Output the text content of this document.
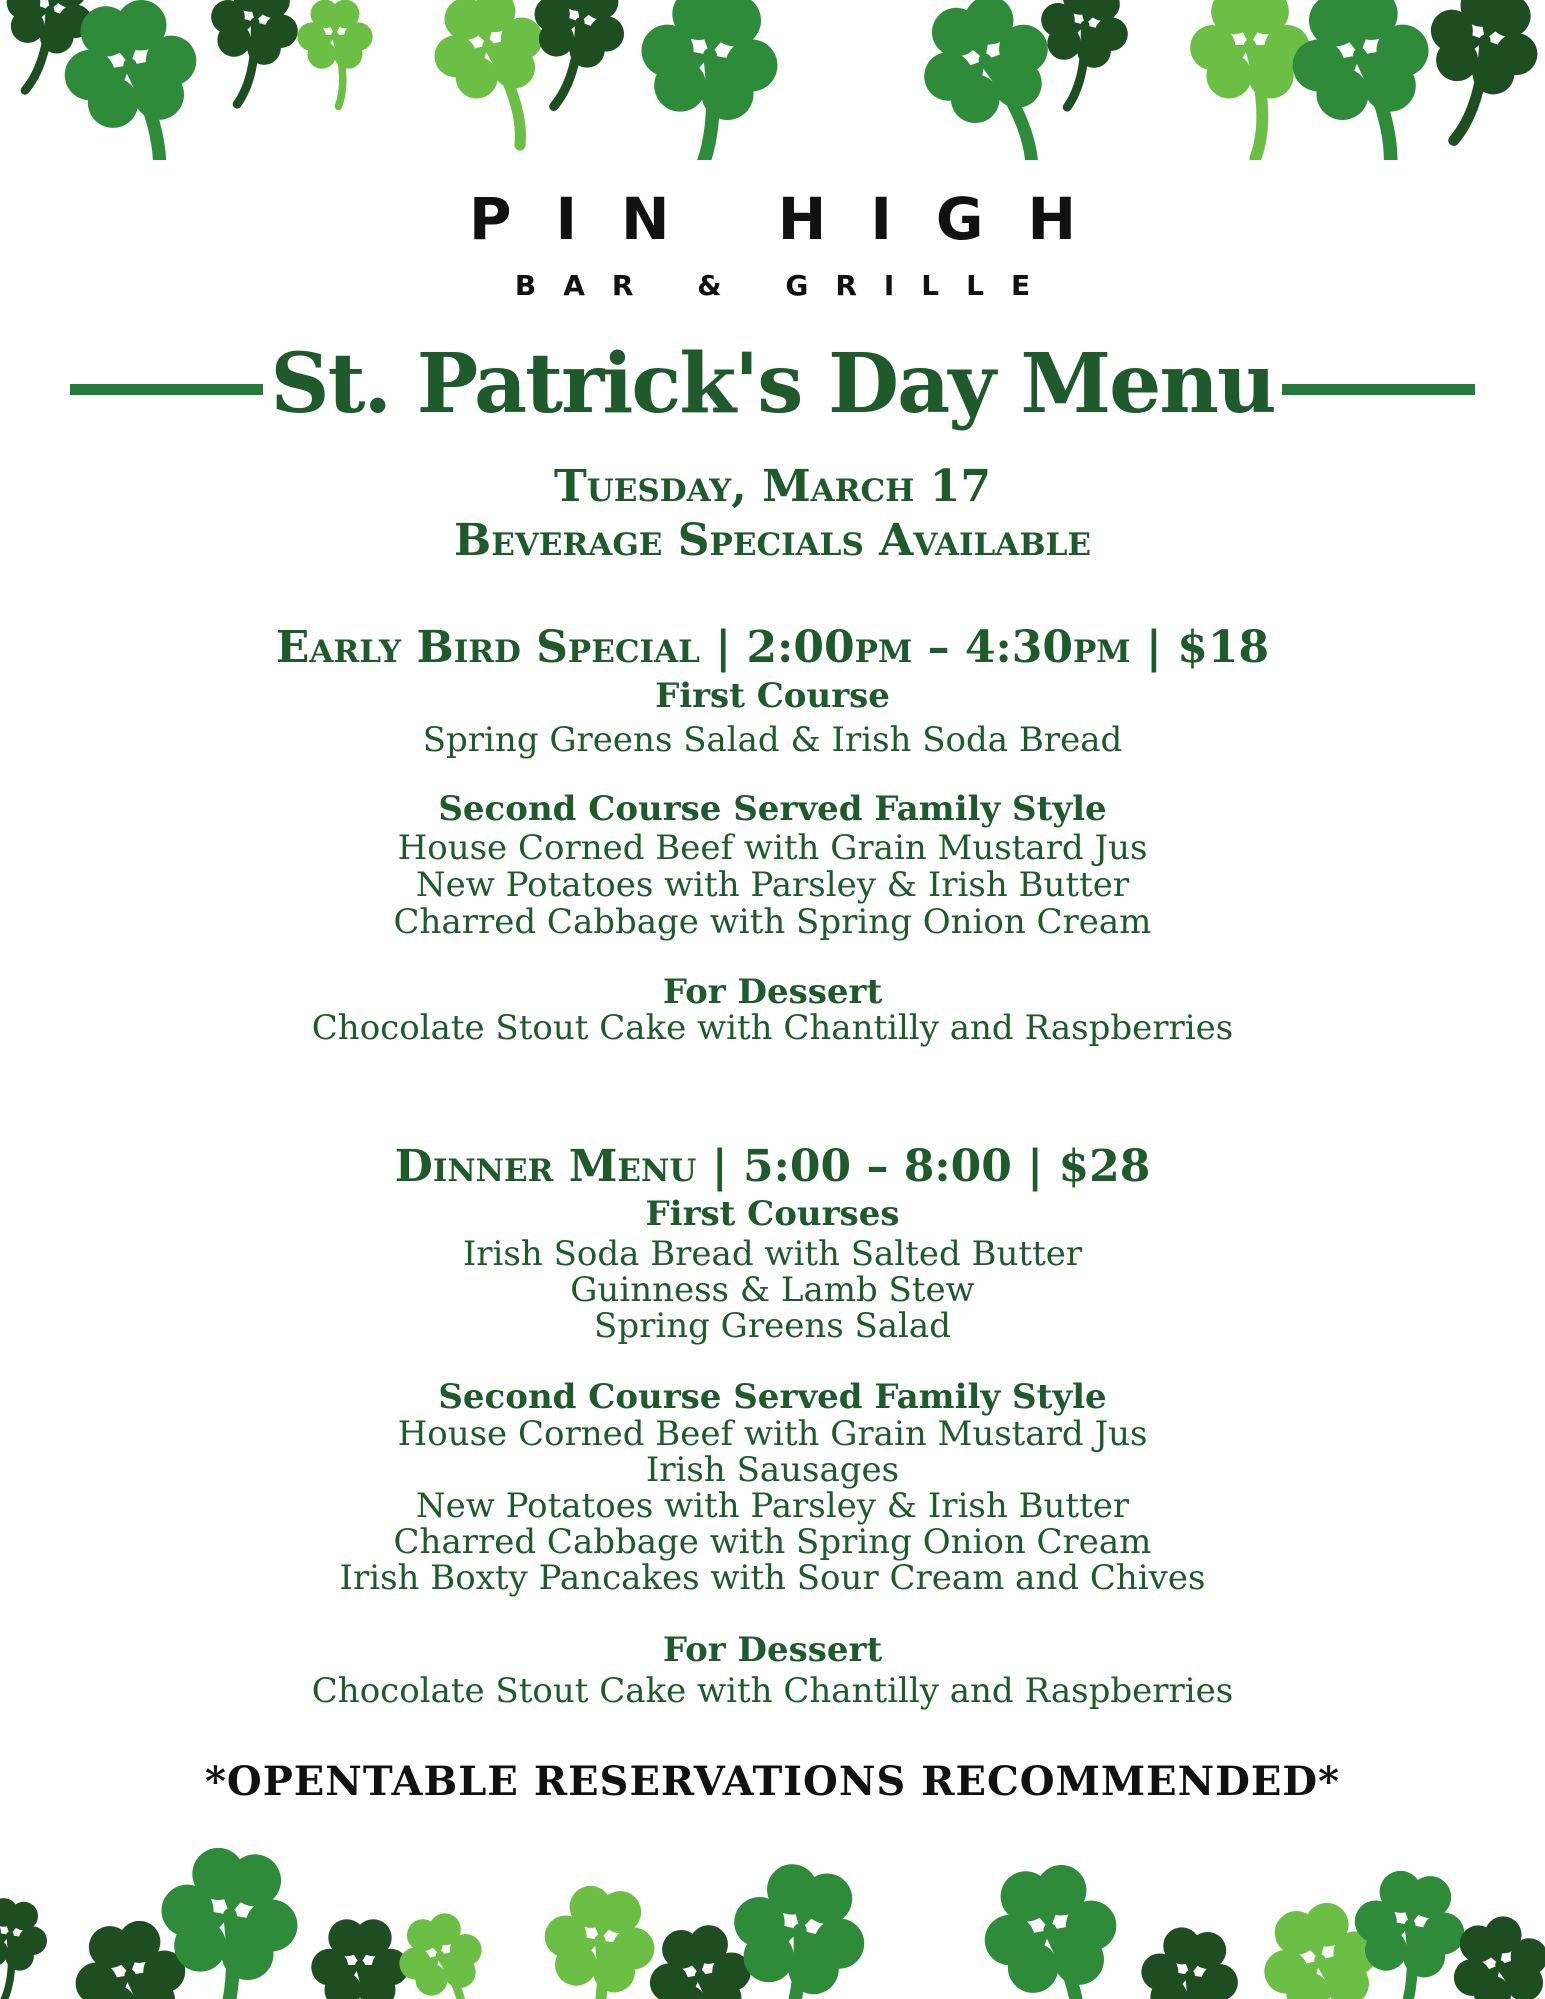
PIN HIGH
BAR & GRILLE
St. Patrick's Day Menu
Tuesday, March 17
Beverage Specials Available
Early Bird Special | 2:00pm – 4:30pm | $18
First Course
Spring Greens Salad & Irish Soda Bread
Second Course Served Family Style
House Corned Beef with Grain Mustard Jus
New Potatoes with Parsley & Irish Butter
Charred Cabbage with Spring Onion Cream
For Dessert
Chocolate Stout Cake with Chantilly and Raspberries
Dinner Menu | 5:00 – 8:00 | $28
First Courses
Irish Soda Bread with Salted Butter
Guinness & Lamb Stew
Spring Greens Salad
Second Course Served Family Style
House Corned Beef with Grain Mustard Jus
Irish Sausages
New Potatoes with Parsley & Irish Butter
Charred Cabbage with Spring Onion Cream
Irish Boxty Pancakes with Sour Cream and Chives
For Dessert
Chocolate Stout Cake with Chantilly and Raspberries
*OPENTABLE RESERVATIONS RECOMMENDED*
